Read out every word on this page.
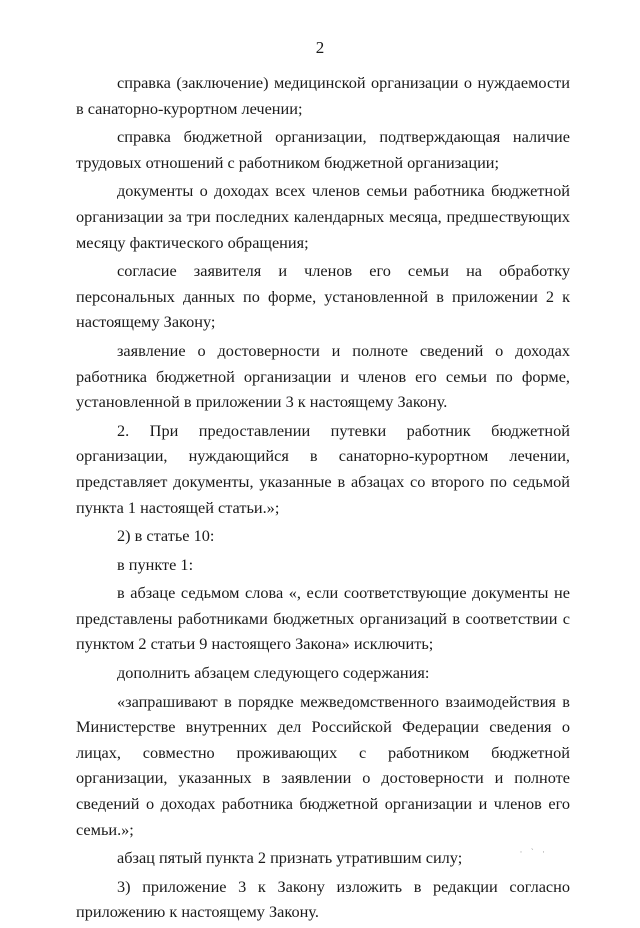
2

справка (заключение) медицинской организации о нуждаемости в санаторно-курортном лечении;

справка бюджетной организации, подтверждающая наличие трудовых отношений с работником бюджетной организации;

документы о доходах всех членов семьи работника бюджетной организации за три последних календарных месяца, предшествующих месяцу фактического обращения;

согласие заявителя и членов его семьи на обработку персональных данных по форме, установленной в приложении 2 к настоящему Закону;

заявление о достоверности и полноте сведений о доходах работника бюджетной организации и членов его семьи по форме, установленной в приложении 3 к настоящему Закону.

2. При предоставлении путевки работник бюджетной организации, нуждающийся в санаторно-курортном лечении, представляет документы, указанные в абзацах со второго по седьмой пункта 1 настоящей статьи.»;

2) в статье 10:

в пункте 1:

в абзаце седьмом слова «, если соответствующие документы не представлены работниками бюджетных организаций в соответствии с пунктом 2 статьи 9 настоящего Закона» исключить;

дополнить абзацем следующего содержания:

«запрашивают в порядке межведомственного взаимодействия в Министерстве внутренних дел Российской Федерации сведения о лицах, совместно проживающих с работником бюджетной организации, указанных в заявлении о достоверности и полноте сведений о доходах работника бюджетной организации и членов его семьи.»;

абзац пятый пункта 2 признать утратившим силу;

3) приложение 3 к Закону изложить в редакции согласно приложению к настоящему Закону.

· ` ·
